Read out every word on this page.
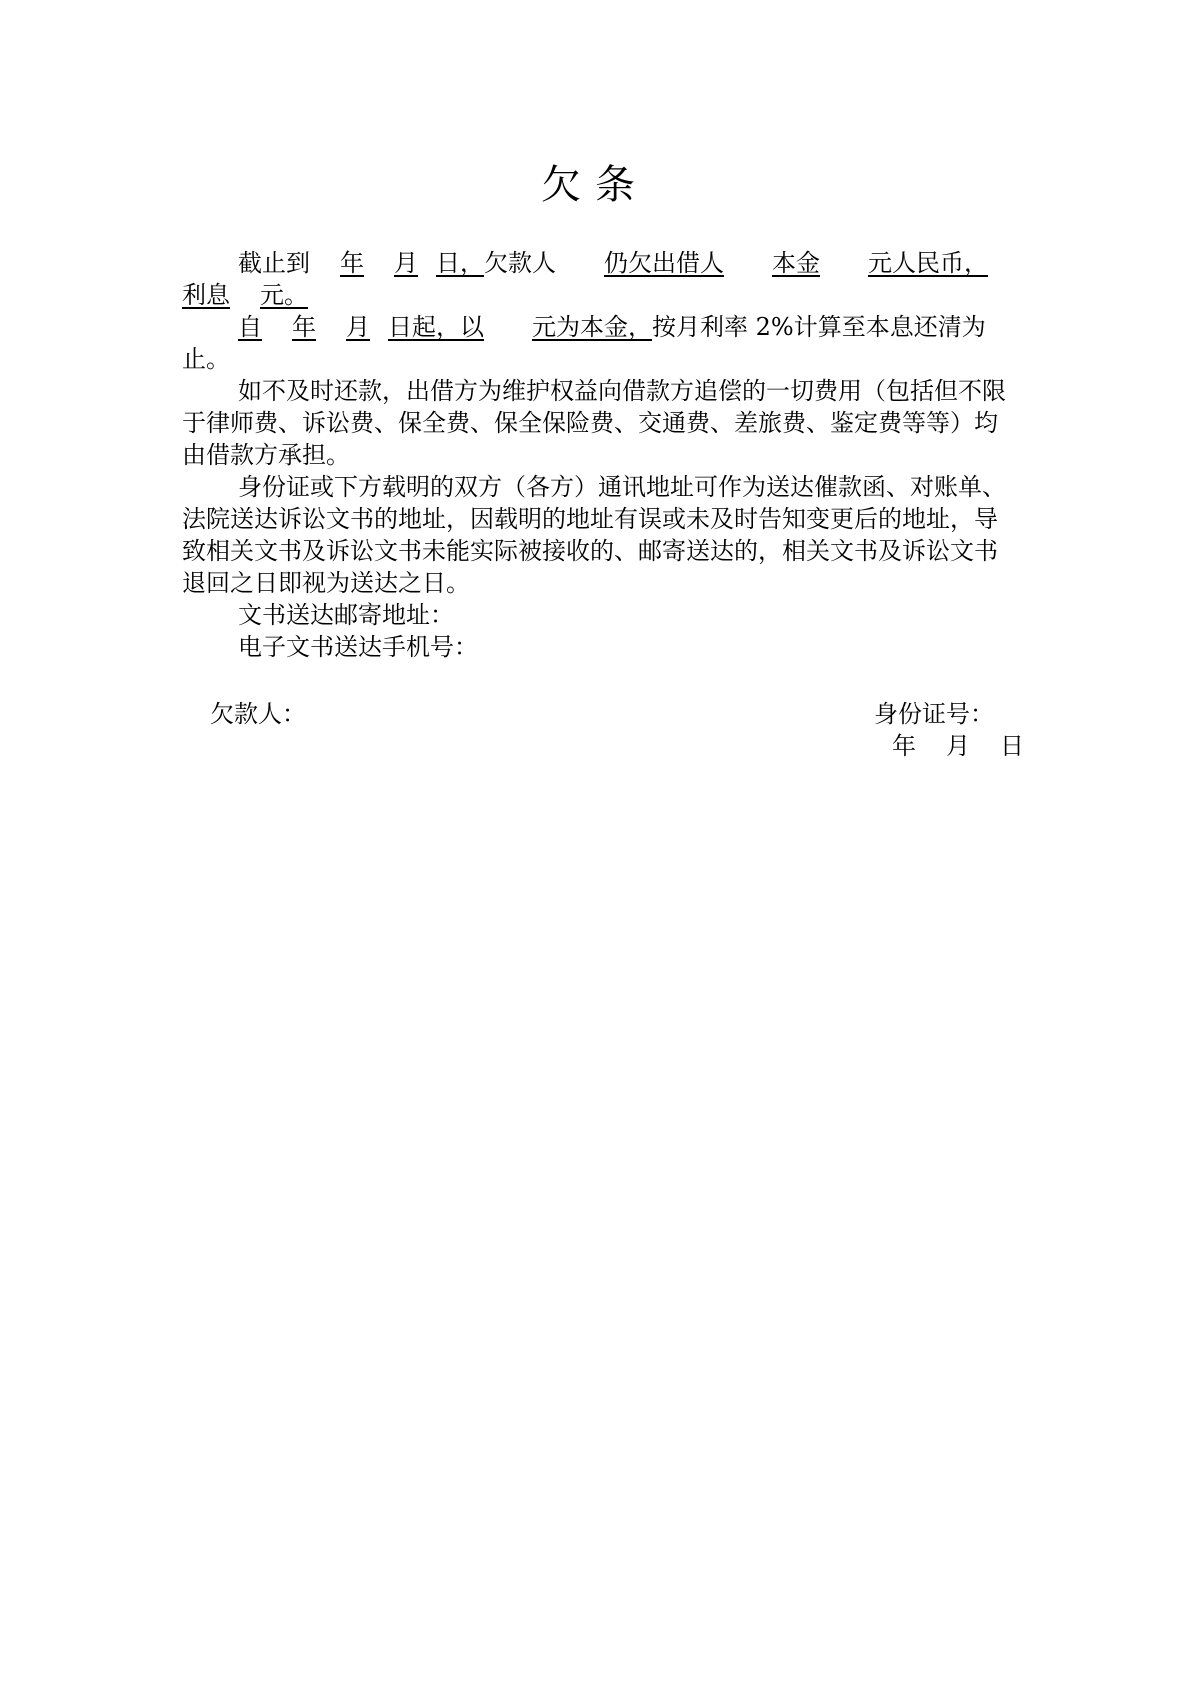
欠条

截止到 年 月 日，欠款人 仍欠出借人 本金 元人民币，
利息 元。

自 年 月 日起，以 元为本金，按月利率 2%计算至本息还清为止。

如不及时还款，出借方为维护权益向借款方追偿的一切费用（包括但不限于律师费、诉讼费、保全费、保全保险费、交通费、差旅费、鉴定费等等）均由借款方承担。

身份证或下方载明的双方（各方）通讯地址可作为送达催款函、对账单、法院送达诉讼文书的地址，因载明的地址有误或未及时告知变更后的地址，导致相关文书及诉讼文书未能实际被接收的、邮寄送达的，相关文书及诉讼文书退回之日即视为送达之日。

文书送达邮寄地址：

电子文书送达手机号：

欠款人：	身份证号：
年 月 日
